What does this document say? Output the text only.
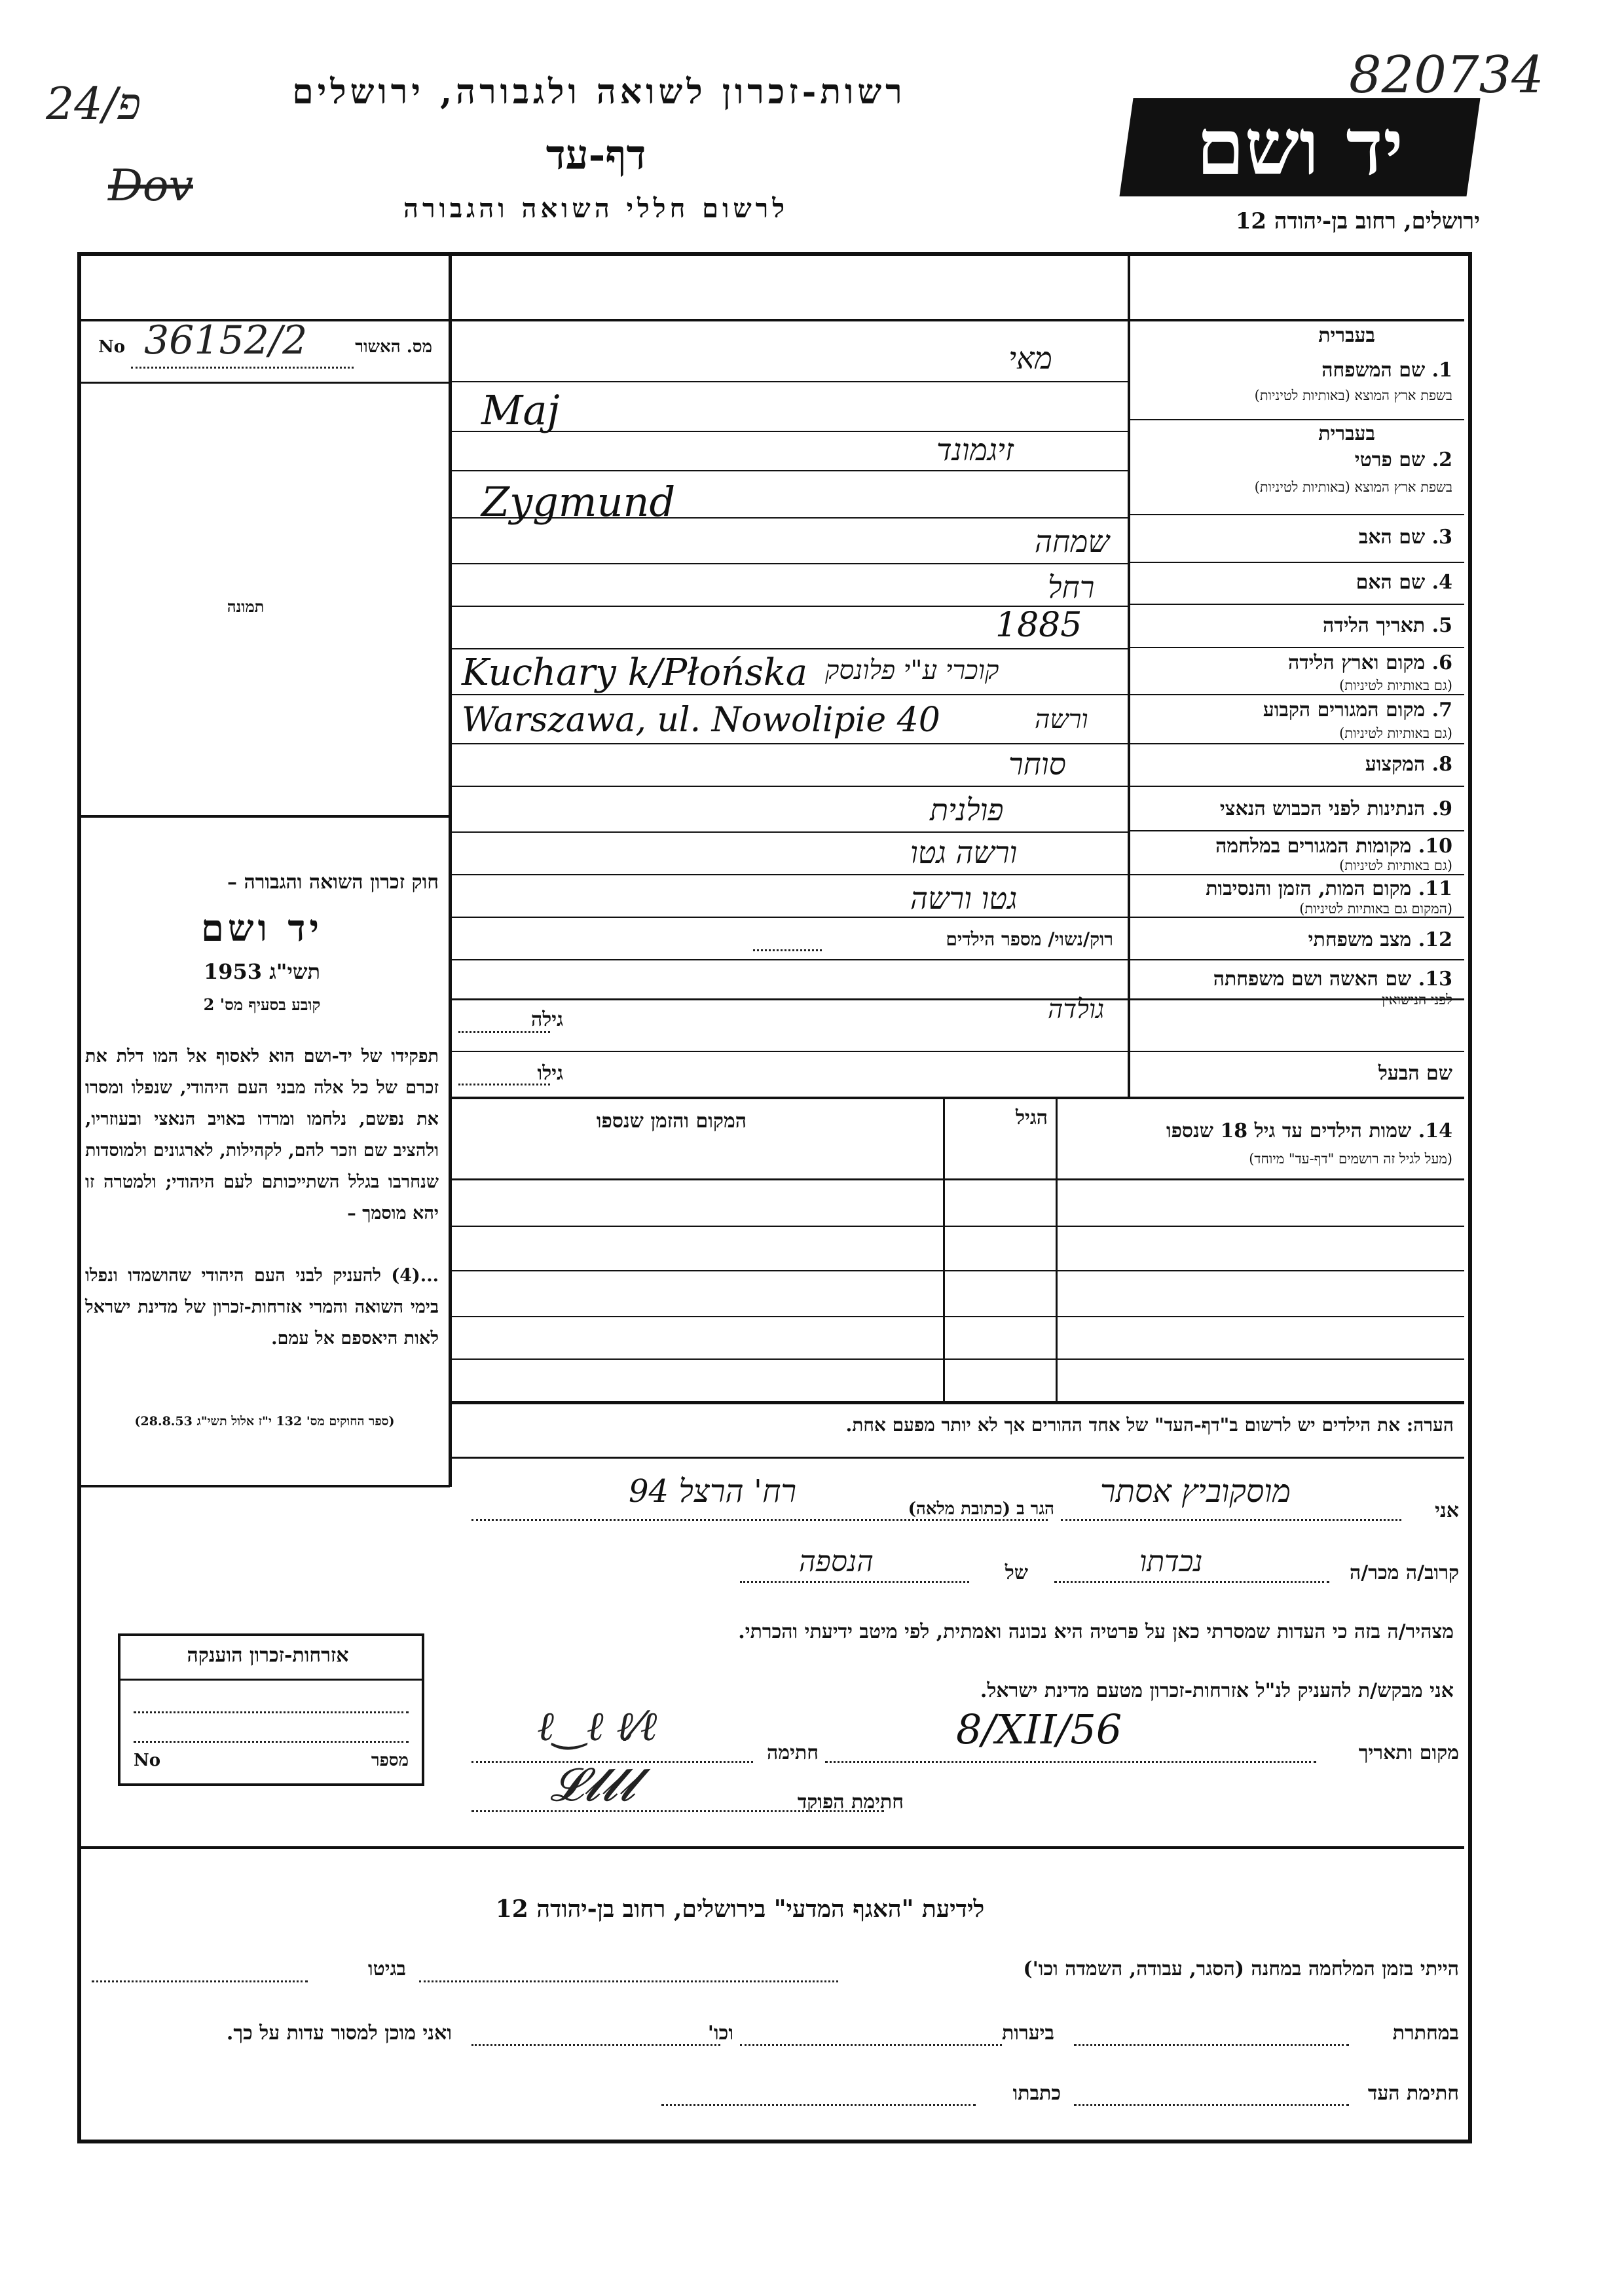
פ/24
Dov
רשות-זכרון לשואה ולגבורה, ירושלים
דף-עד
לרשום חללי השואה והגבורה
יד ושם
ירושלים, רחוב בן-יהודה 12
820734
מס. האשור
No 36152/2
תמונה
חוק זכרון השואה והגבורה –
יד ושם
תשי"ג 1953
קובע בסעיף מס' 2
תפקידו של יד-ושם הוא לאסוף אל המו דלת את זכרם של כל אלה מבני העם היהודי, שנפלו ומסרו את נפשם, נלחמו ומרדו באויב הנאצי ובעוזריו, ולהציב שם וזכר להם, לקהילות, לארגונים ולמוסדות שנחרבו בגלל השתייכותם לעם היהודי; ולמטרה זו יהא מוסמך –
...(4) להעניק לבני העם היהודי שהושמדו ונפלו בימי השואה והמרי אזרחות-זכרון של מדינת ישראל לאות היאספם אל עמם.
(ספר החוקים מס' 132 י"ז אלול תשי"ג 28.8.53)
בעברית
1. שם המשפחה
בשפת ארץ המוצא (באותיות לטיניות)
בעברית
2. שם פרטי
בשפת ארץ המוצא (באותיות לטיניות)
3. שם האב
4. שם האם
5. תאריך הלידה
6. מקום וארץ הלידה
(גם באותיות לטיניות)
7. מקום המגורים הקבוע
(גם באותיות לטיניות)
8. המקצוע
9. הנתינות לפני הכבוש הנאצי
10. מקומות המגורים במלחמה
(גם באותיות לטיניות)
11. מקום המות, הזמן והנסיבות
(המקום גם באותיות לטיניות)
12. מצב משפחתי
רוק/נשוי/ מספר הילדים
13. שם האשה ושם משפחתה
לפני הנישואין
גילה
שם הבעל
גילו
מאי
Maj
זיגמונד
Zygmund
שמחה
רחל
1885
Kuchary k/Płońska קוכרי ע"י פלונסק
Warszawa, ul. Nowolipie 40	ורשה
סוחר
פולנית
ורשה גטו
גטו ורשה
גולדה
14. שמות הילדים עד גיל 18 שנספו
(מעל לגיל זה רושמים "דף-עד" מיוחד)
הגיל
המקום והזמן שנספו
הערה: את הילדים יש לרשום ב"דף-העד" של אחד ההורים אך לא יותר מפעם אחת.
אני
מוסקוביץ אסתר
הגר ב (כתובת מלאה)
רח' הרצל 94
קרוב/ה מכר/ה
נכדתו
של
הנספה
מצהיר/ה בזה כי העדות שמסרתי כאן על פרטיה היא נכונה ואמתית, לפי מיטב ידיעתי והכרתי.
אני מבקש/ת להעניק לנ"ל אזרחות-זכרון מטעם מדינת ישראל.
מקום ותאריך
8/XII/56
חתימה
ℓ‿ℓ ℓ⁄ℓ
חתימת הפוקד
𝓛𝓵𝓵𝓵
אזרחות-זכרון הוענקה
מספר
No
לידיעת "האגף המדעי" בירושלים, רחוב בן-יהודה 12
הייתי בזמן המלחמה במחנה (הסגר, עבודה, השמדה וכו')
בגיטו
במחתרת
ביערות
וכו'
ואני מוכן למסור עדות על כך.
חתימת העד
כתבתו
